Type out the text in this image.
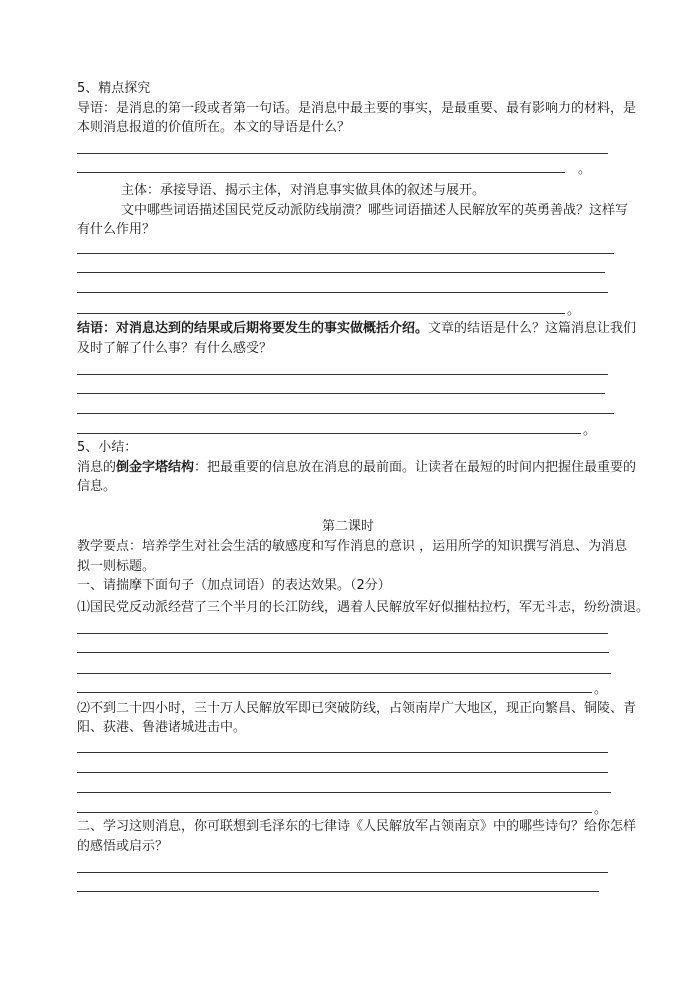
5、精点探究
导语：是消息的第一段或者第一句话。是消息中最主要的事实，是最重要、最有影响力的材料，是
本则消息报道的价值所在。本文的导语是什么？
。
主体：承接导语、揭示主体，对消息事实做具体的叙述与展开。
文中哪些词语描述国民党反动派防线崩溃？哪些词语描述人民解放军的英勇善战？这样写
有什么作用？
。
结语：对消息达到的结果或后期将要发生的事实做概括介绍。文章的结语是什么？这篇消息让我们
及时了解了什么事？有什么感受？
。
5、小结：
消息的倒金字塔结构：把最重要的信息放在消息的最前面。让读者在最短的时间内把握住最重要的
信息。
第二课时
教学要点：培养学生对社会生活的敏感度和写作消息的意识 ，运用所学的知识撰写消息、为消息
拟一则标题。
一、请揣摩下面句子（加点词语）的表达效果。（2分）
⑴国民党反动派经营了三个半月的长江防线，遇着人民解放军好似摧枯拉朽，军无斗志，纷纷溃退。
。
⑵不到二十四小时，三十万人民解放军即已突破防线，占领南岸广大地区，现正向繁昌、铜陵、青
阳、荻港、鲁港诸城进击中。
。
二、学习这则消息，你可联想到毛泽东的七律诗《人民解放军占领南京》中的哪些诗句？给你怎样
的感悟或启示？
